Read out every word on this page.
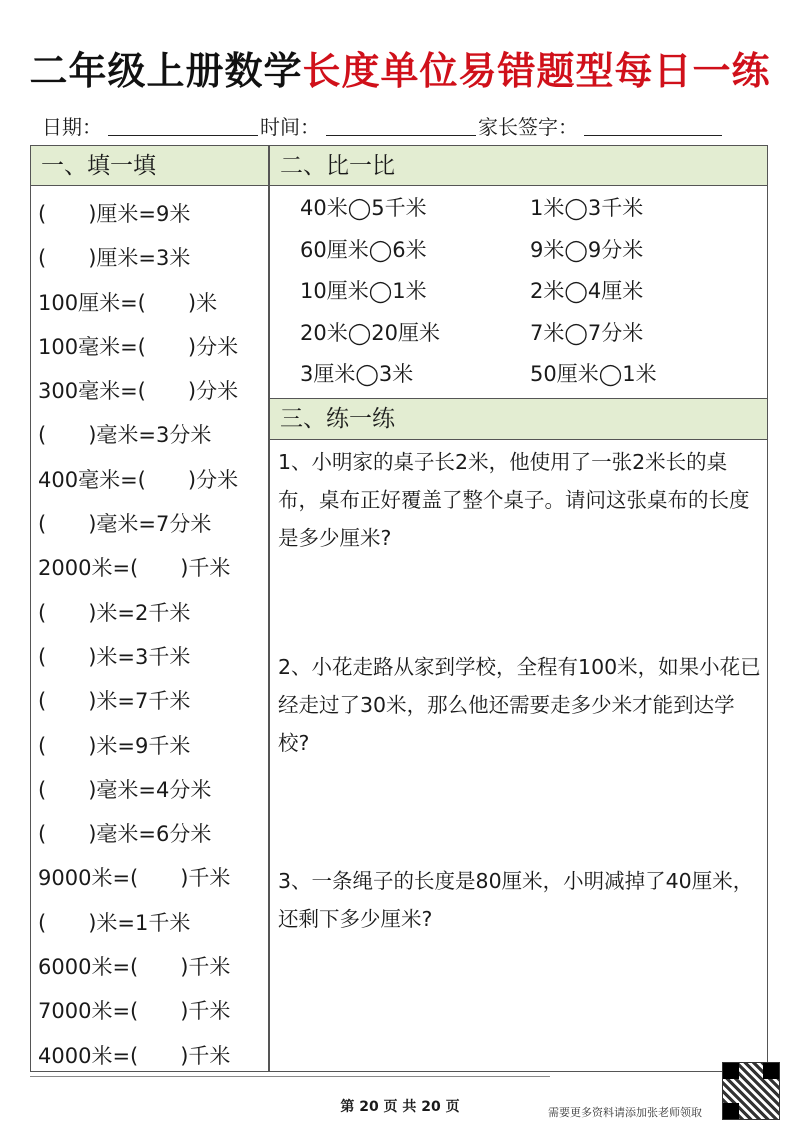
二年级上册数学长度单位易错题型每日一练
日期：	时间：	家长签字：
一、填一填	二、比一比
三、练一练
(　　)厘米=9米
(　　)厘米=3米
100厘米=(　　)米
100毫米=(　　)分米
300毫米=(　　)分米
(　　)毫米=3分米
400毫米=(　　)分米
(　　)毫米=7分米
2000米=(　　)千米
(　　)米=2千米
(　　)米=3千米
(　　)米=7千米
(　　)米=9千米
(　　)毫米=4分米
(　　)毫米=6分米
9000米=(　　)千米
(　　)米=1千米
6000米=(　　)千米
7000米=(　　)千米
4000米=(　　)千米
40米◯5千米	1米◯3千米
60厘米◯6米	9米◯9分米
10厘米◯1米	2米◯4厘米
20米◯20厘米	7米◯7分米
3厘米◯3米	50厘米◯1米
1、小明家的桌子长2米，他使用了一张2米长的桌布，桌布正好覆盖了整个桌子。请问这张桌布的长度是多少厘米?
2、小花走路从家到学校，全程有100米，如果小花已经走过了30米，那么他还需要走多少米才能到达学校?
3、一条绳子的长度是80厘米，小明减掉了40厘米，还剩下多少厘米?
第 20 页 共 20 页	需要更多资料请添加张老师领取
